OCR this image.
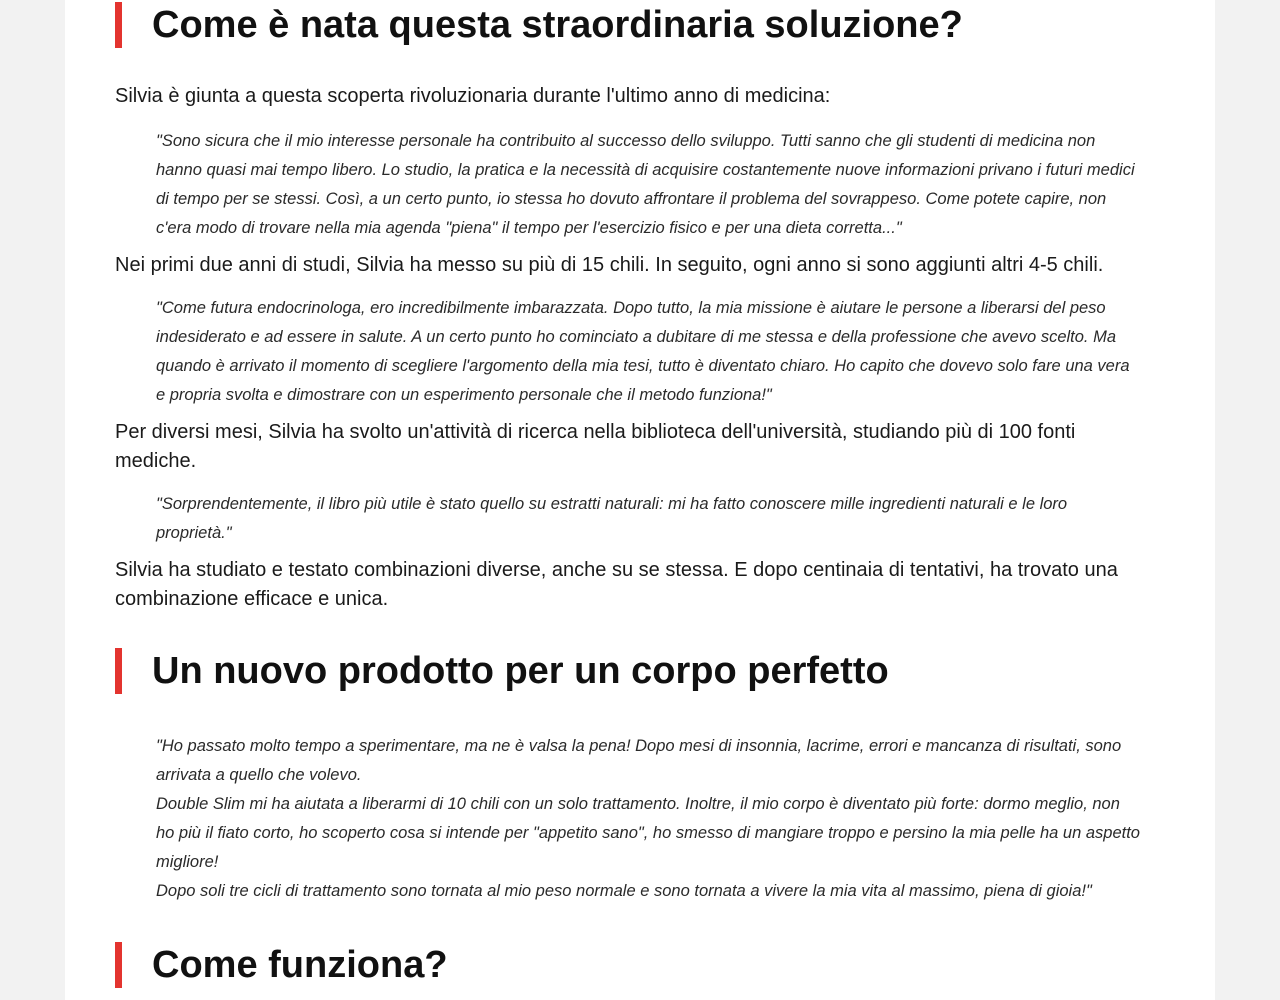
Come è nata questa straordinaria soluzione?

Silvia è giunta a questa scoperta rivoluzionaria durante l'ultimo anno di medicina:

"Sono sicura che il mio interesse personale ha contribuito al successo dello sviluppo. Tutti sanno che gli studenti di medicina non hanno quasi mai tempo libero. Lo studio, la pratica e la necessità di acquisire costantemente nuove informazioni privano i futuri medici di tempo per se stessi. Così, a un certo punto, io stessa ho dovuto affrontare il problema del sovrappeso. Come potete capire, non c'era modo di trovare nella mia agenda "piena" il tempo per l'esercizio fisico e per una dieta corretta..."

Nei primi due anni di studi, Silvia ha messo su più di 15 chili. In seguito, ogni anno si sono aggiunti altri 4-5 chili.

"Come futura endocrinologa, ero incredibilmente imbarazzata. Dopo tutto, la mia missione è aiutare le persone a liberarsi del peso indesiderato e ad essere in salute. A un certo punto ho cominciato a dubitare di me stessa e della professione che avevo scelto. Ma quando è arrivato il momento di scegliere l'argomento della mia tesi, tutto è diventato chiaro. Ho capito che dovevo solo fare una vera e propria svolta e dimostrare con un esperimento personale che il metodo funziona!"

Per diversi mesi, Silvia ha svolto un'attività di ricerca nella biblioteca dell'università, studiando più di 100 fonti mediche.

"Sorprendentemente, il libro più utile è stato quello su estratti naturali: mi ha fatto conoscere mille ingredienti naturali e le loro proprietà."

Silvia ha studiato e testato combinazioni diverse, anche su se stessa. E dopo centinaia di tentativi, ha trovato una combinazione efficace e unica.

Un nuovo prodotto per un corpo perfetto
"Ho passato molto tempo a sperimentare, ma ne è valsa la pena! Dopo mesi di insonnia, lacrime, errori e mancanza di risultati, sono arrivata a quello che volevo.
Double Slim mi ha aiutata a liberarmi di 10 chili con un solo trattamento. Inoltre, il mio corpo è diventato più forte: dormo meglio, non ho più il fiato corto, ho scoperto cosa si intende per "appetito sano", ho smesso di mangiare troppo e persino la mia pelle ha un aspetto migliore!
Dopo soli tre cicli di trattamento sono tornata al mio peso normale e sono tornata a vivere la mia vita al massimo, piena di gioia!"
Come funziona?
